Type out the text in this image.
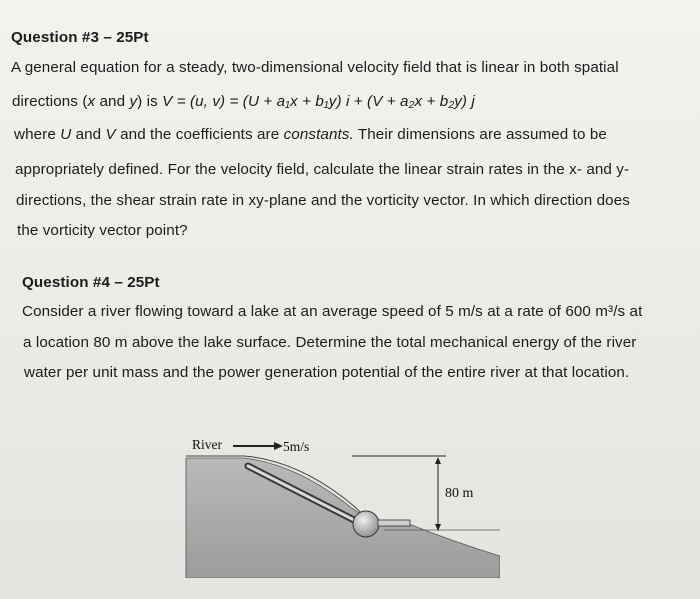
Question #3 – 25Pt
A general equation for a steady, two-dimensional velocity field that is linear in both spatial
directions (x and y) is V = (u, v) = (U + a₁x + b₁y) i + (V + a₂x + b₂y) j
where U and V and the coefficients are constants. Their dimensions are assumed to be
appropriately defined. For the velocity field, calculate the linear strain rates in the x- and y-
directions, the shear strain rate in xy-plane and the vorticity vector. In which direction does
the vorticity vector point?
Question #4 – 25Pt
Consider a river flowing toward a lake at an average speed of 5 m/s at a rate of 600 m³/s at
a location 80 m above the lake surface. Determine the total mechanical energy of the river
water per unit mass and the power generation potential of the entire river at that location.
River	5m/s
80 m
